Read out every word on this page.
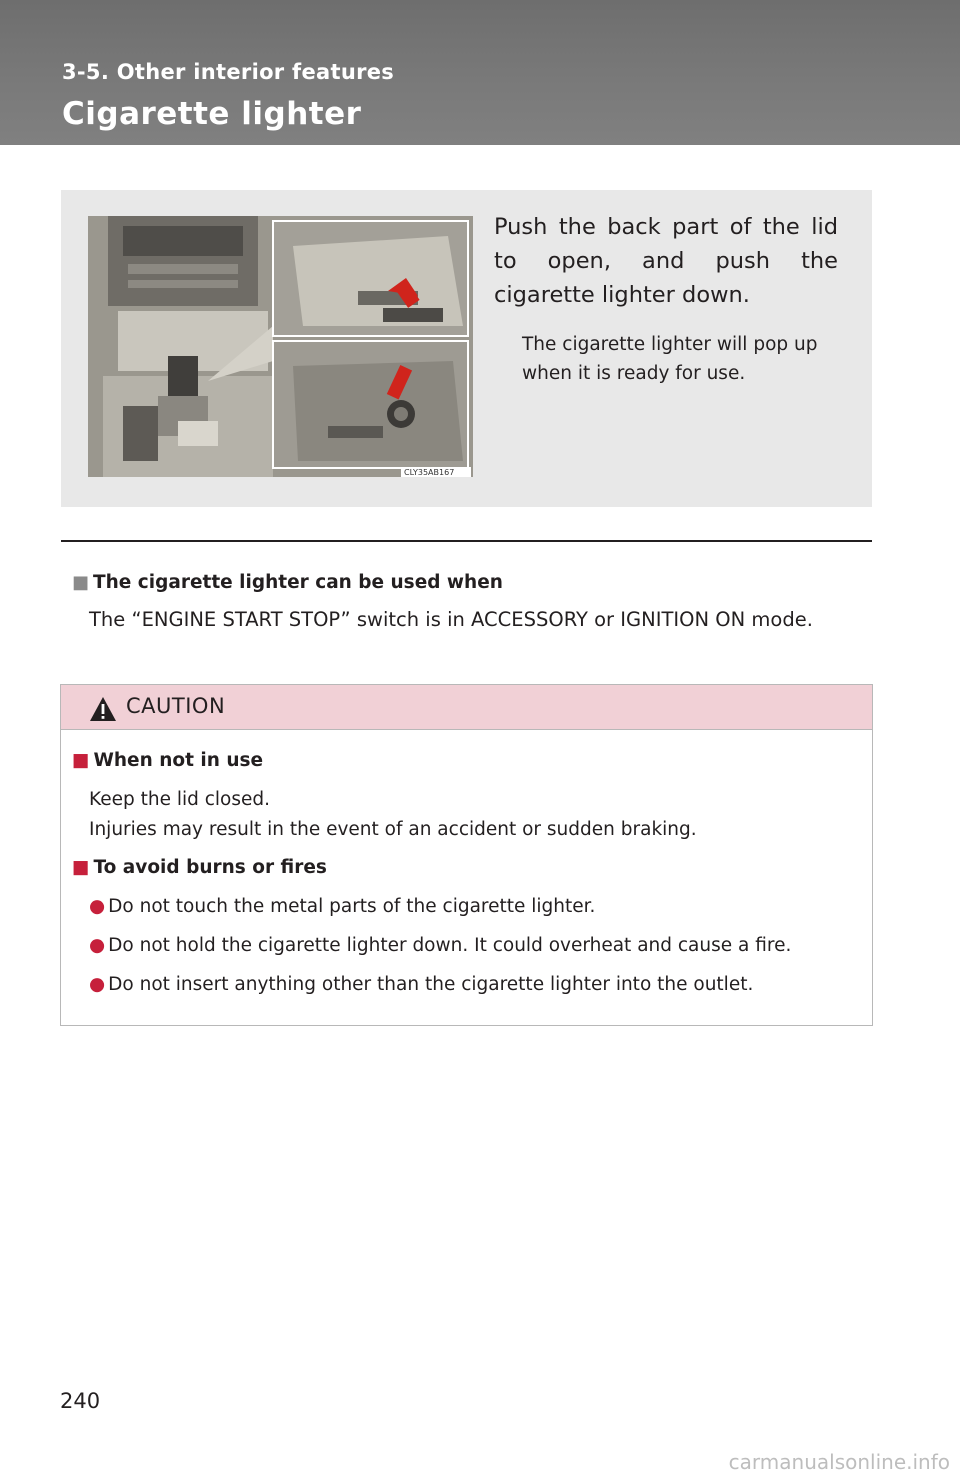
3-5. Other interior features
Cigarette lighter
CLY35AB167
Push the back part of the lid to open, and push the cigarette lighter down.
The cigarette lighter will pop up when it is ready for use.
■ The cigarette lighter can be used when
The “ENGINE START STOP” switch is in ACCESSORY or IGNITION ON mode.
CAUTION
■ When not in use
Keep the lid closed.
Injuries may result in the event of an accident or sudden braking.
■ To avoid burns or fires
● Do not touch the metal parts of the cigarette lighter.
● Do not hold the cigarette lighter down. It could overheat and cause a fire.
● Do not insert anything other than the cigarette lighter into the outlet.
240
carmanualsonline.info
